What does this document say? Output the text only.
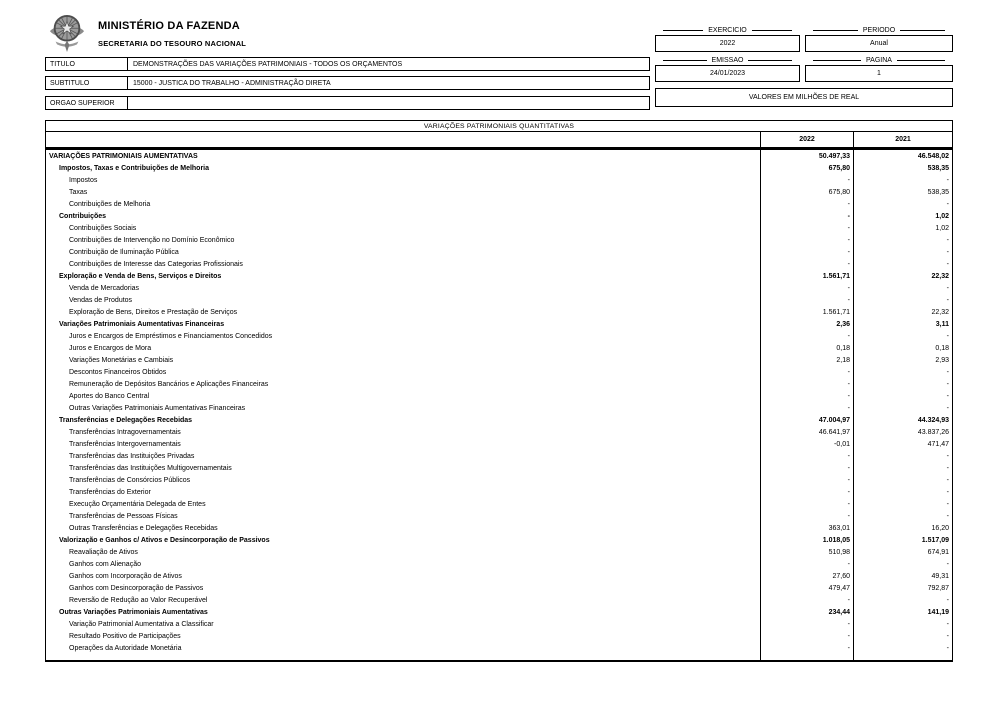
MINISTÉRIO DA FAZENDA
SECRETARIA DO TESOURO NACIONAL
TITULO	DEMONSTRAÇÕES DAS VARIAÇÕES PATRIMONIAIS - TODOS OS ORÇAMENTOS
SUBTITULO	15000 - JUSTICA DO TRABALHO - ADMINISTRAÇÃO DIRETA
ORGAO SUPERIOR
EXERCICIO
2022
PERIODO
Anual
EMISSAO
24/01/2023
PAGINA
1
VALORES EM MILHÕES DE REAL
VARIAÇÕES PATRIMONIAIS QUANTITATIVAS
2022	2021
VARIAÇÕES PATRIMONIAIS AUMENTATIVAS	50.497,33	46.548,02
Impostos, Taxas e Contribuições de Melhoria	675,80	538,35
Impostos	-	-
Taxas	675,80	538,35
Contribuições de Melhoria	-	-
Contribuições	-	1,02
Contribuições Sociais	-	1,02
Contribuições de Intervenção no Domínio Econômico	-	-
Contribuição de Iluminação Pública	-	-
Contribuições de Interesse das Categorias Profissionais	-	-
Exploração e Venda de Bens, Serviços e Direitos	1.561,71	22,32
Venda de Mercadorias	-	-
Vendas de Produtos	-	-
Exploração de Bens, Direitos e Prestação de Serviços	1.561,71	22,32
Variações Patrimoniais Aumentativas Financeiras	2,36	3,11
Juros e Encargos de Empréstimos e Financiamentos Concedidos	-	-
Juros e Encargos de Mora	0,18	0,18
Variações Monetárias e Cambiais	2,18	2,93
Descontos Financeiros Obtidos	-	-
Remuneração de Depósitos Bancários e Aplicações Financeiras	-	-
Aportes do Banco Central	-	-
Outras Variações Patrimoniais Aumentativas Financeiras	-	-
Transferências e Delegações Recebidas	47.004,97	44.324,93
Transferências Intragovernamentais	46.641,97	43.837,26
Transferências Intergovernamentais	-0,01	471,47
Transferências das Instituições Privadas	-	-
Transferências das Instituições Multigovernamentais	-	-
Transferências de Consórcios Públicos	-	-
Transferências do Exterior	-	-
Execução Orçamentária Delegada de Entes	-	-
Transferências de Pessoas Físicas	-	-
Outras Transferências e Delegações Recebidas	363,01	16,20
Valorização e Ganhos c/ Ativos e Desincorporação de Passivos	1.018,05	1.517,09
Reavaliação de Ativos	510,98	674,91
Ganhos com Alienação	-	-
Ganhos com Incorporação de Ativos	27,60	49,31
Ganhos com Desincorporação de Passivos	479,47	792,87
Reversão de Redução ao Valor Recuperável	-	-
Outras Variações Patrimoniais Aumentativas	234,44	141,19
Variação Patrimonial Aumentativa a Classificar	-	-
Resultado Positivo de Participações	-	-
Operações da Autoridade Monetária	-	-
